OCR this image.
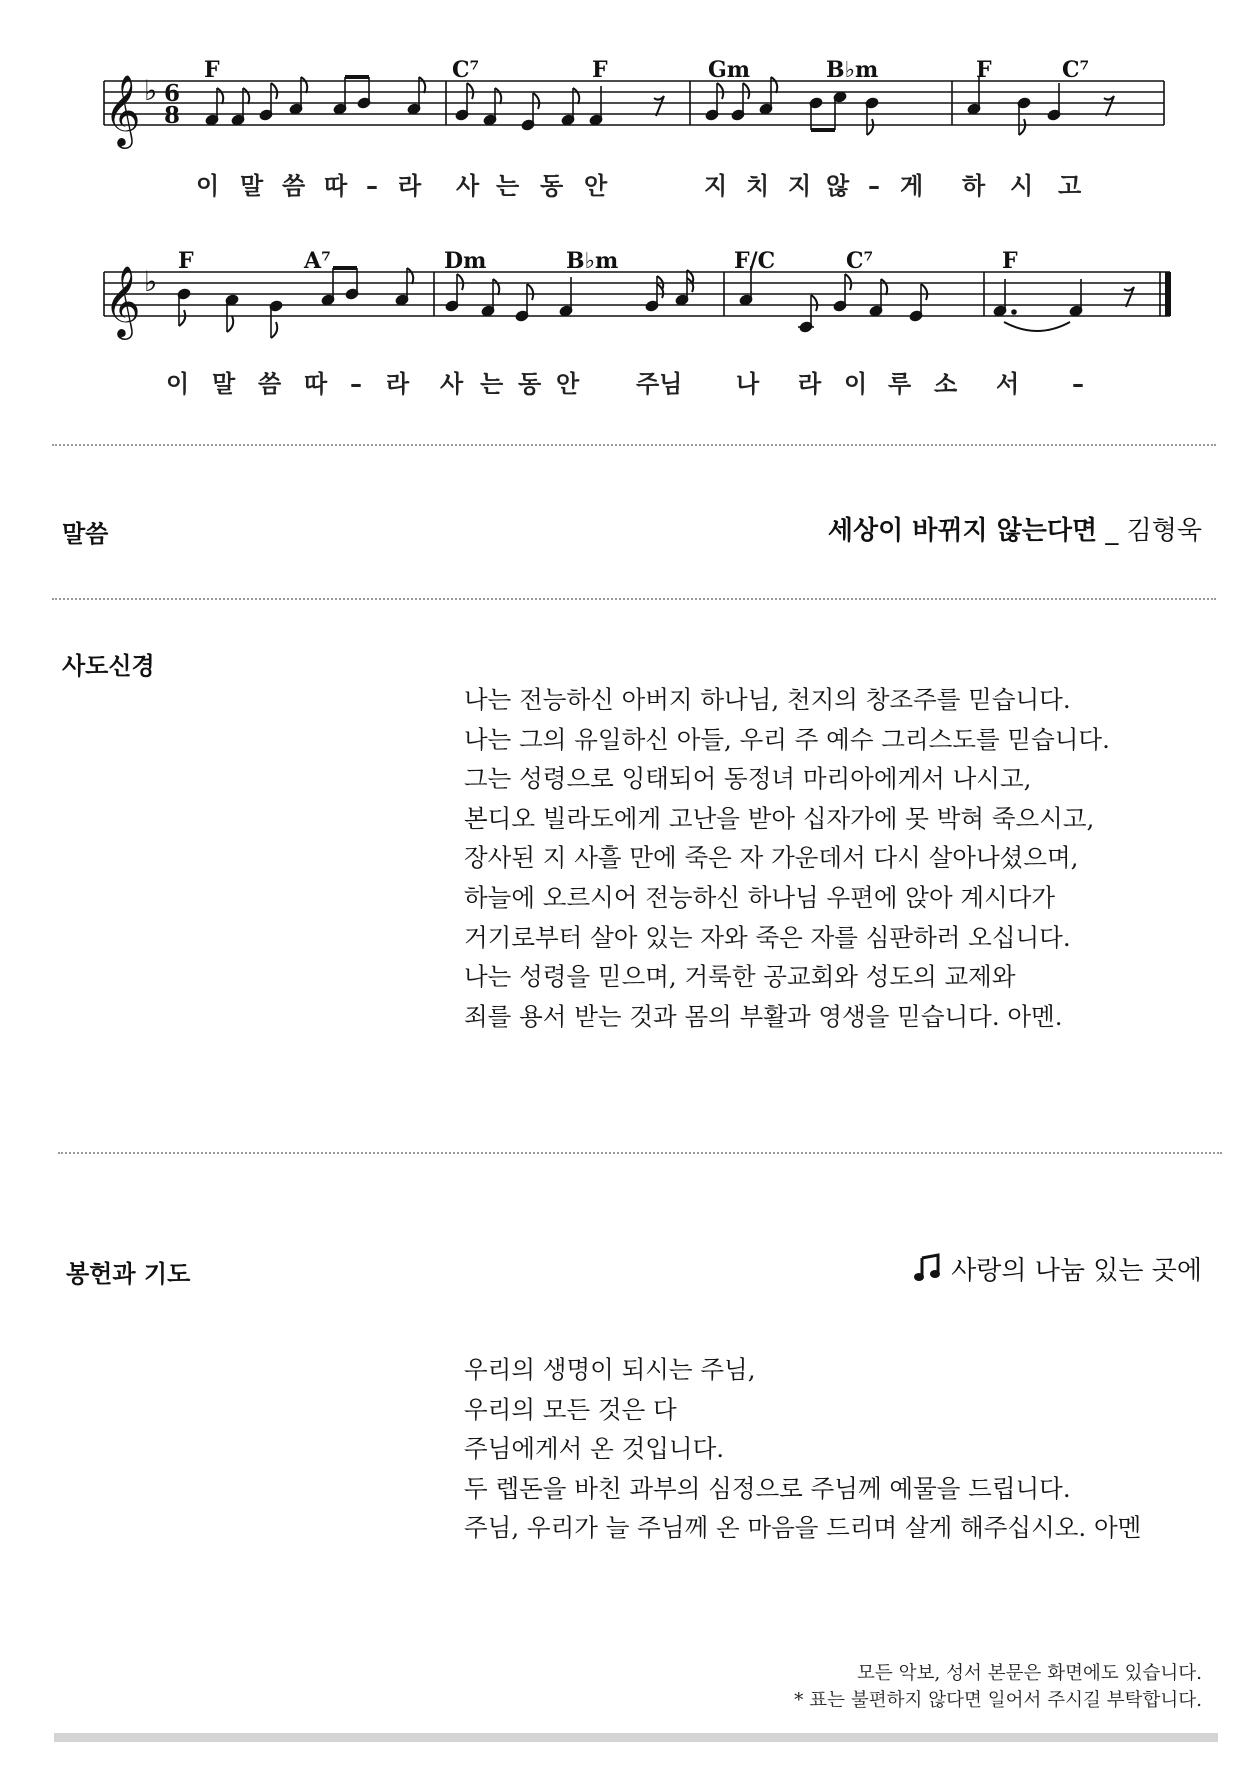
𝄞 ♭ 6
8
F	C⁷	F	Gm	B♭m	F	C⁷
이 말 씀 따 – 라 사 는 동 안	지 치 지 않 – 게 하 시 고
𝄞 ♭
F	A⁷	Dm	B♭m	F/C	C⁷	F
이 말 씀 따 – 라 사 는 동 안 주님 나 라 이 루 소 서 –
말씀	세상이 바뀌지 않는다면 _ 김형욱
사도신경
나는 전능하신 아버지 하나님, 천지의 창조주를 믿습니다.
나는 그의 유일하신 아들, 우리 주 예수 그리스도를 믿습니다.
그는 성령으로 잉태되어 동정녀 마리아에게서 나시고,
본디오 빌라도에게 고난을 받아 십자가에 못 박혀 죽으시고,
장사된 지 사흘 만에 죽은 자 가운데서 다시 살아나셨으며,
하늘에 오르시어 전능하신 하나님 우편에 앉아 계시다가
거기로부터 살아 있는 자와 죽은 자를 심판하러 오십니다.
나는 성령을 믿으며, 거룩한 공교회와 성도의 교제와
죄를 용서 받는 것과 몸의 부활과 영생을 믿습니다. 아멘.
봉헌과 기도	사랑의 나눔 있는 곳에
우리의 생명이 되시는 주님,
우리의 모든 것은 다
주님에게서 온 것입니다.
두 렙돈을 바친 과부의 심정으로 주님께 예물을 드립니다.
주님, 우리가 늘 주님께 온 마음을 드리며 살게 해주십시오. 아멘
모든 악보, 성서 본문은 화면에도 있습니다.
* 표는 불편하지 않다면 일어서 주시길 부탁합니다.
